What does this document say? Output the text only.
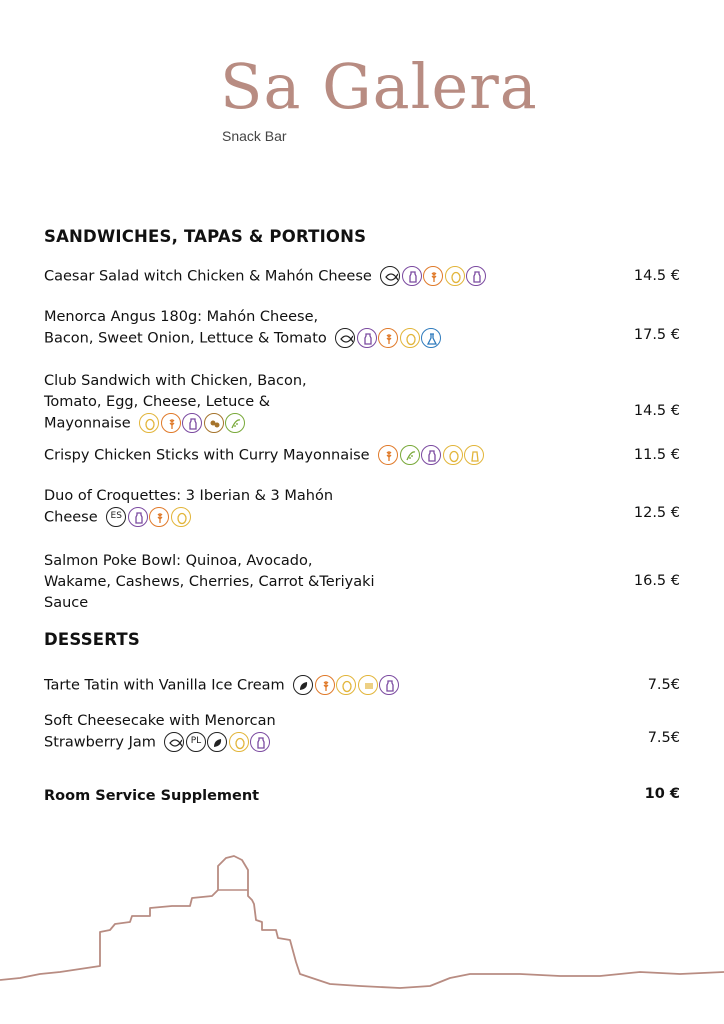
Sa Galera
Snack Bar
SANDWICHES, TAPAS & PORTIONS
Caesar Salad witch Chicken & Mahón Cheese	14.5 €
Menorca Angus 180g: Mahón Cheese,
Bacon, Sweet Onion, Lettuce & Tomato	17.5 €
Club Sandwich with Chicken, Bacon,
Tomato, Egg, Cheese, Letuce &
Mayonnaise
14.5 €
Crispy Chicken Sticks with Curry Mayonnaise	11.5 €
Duo of Croquettes: 3 Iberian & 3 Mahón
Cheese ES	12.5 €
Salmon Poke Bowl: Quinoa, Avocado,
Wakame, Cashews, Cherries, Carrot &Teriyaki
Sauce
16.5 €
DESSERTS
Tarte Tatin with Vanilla Ice Cream	7.5€
Soft Cheesecake with Menorcan
Strawberry Jam	PL	7.5€
Room Service Supplement	10 €
